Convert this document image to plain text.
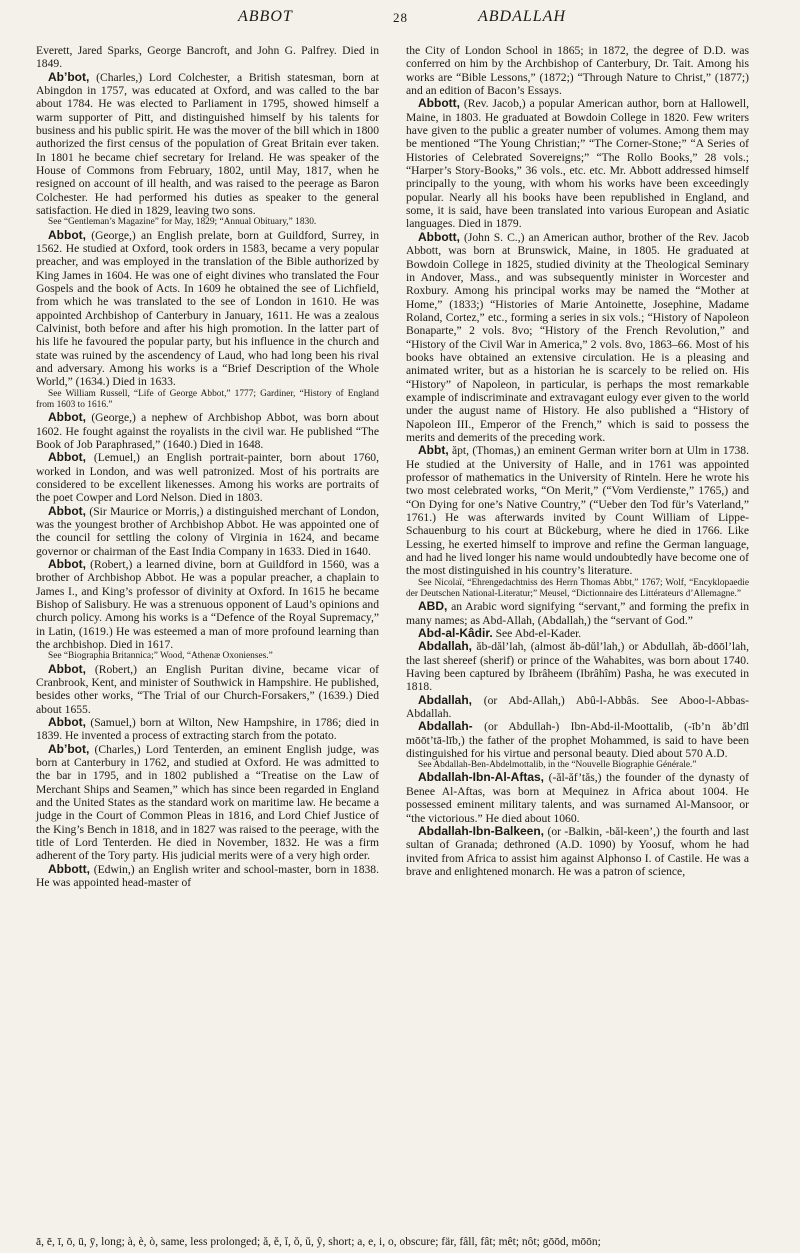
ABBOT	28	ABDALLAH

Everett, Jared Sparks, George Bancroft, and John G. Palfrey. Died in 1849.

Ab’bot, (Charles,) Lord Colchester, a British statesman, born at Abingdon in 1757, was educated at Oxford, and was called to the bar about 1784. He was elected to Parliament in 1795, showed himself a warm supporter of Pitt, and distinguished himself by his talents for business and his public spirit. He was the mover of the bill which in 1800 authorized the first census of the population of Great Britain ever taken. In 1801 he became chief secretary for Ireland. He was speaker of the House of Commons from February, 1802, until May, 1817, when he resigned on account of ill health, and was raised to the peerage as Baron Colchester. He had performed his duties as speaker to the general satisfaction. He died in 1829, leaving two sons.

See “Gentleman’s Magazine” for May, 1829; “Annual Obituary,” 1830.

Abbot, (George,) an English prelate, born at Guildford, Surrey, in 1562. He studied at Oxford, took orders in 1583, became a very popular preacher, and was employed in the translation of the Bible authorized by King James in 1604. He was one of eight divines who translated the Four Gospels and the book of Acts. In 1609 he obtained the see of Lichfield, from which he was translated to the see of London in 1610. He was appointed Archbishop of Canterbury in January, 1611. He was a zealous Calvinist, both before and after his high promotion. In the latter part of his life he favoured the popular party, but his influence in the church and state was ruined by the ascendency of Laud, who had long been his rival and adversary. Among his works is a “Brief Description of the Whole World,” (1634.) Died in 1633.

See William Russell, “Life of George Abbot,” 1777; Gardiner, “History of England from 1603 to 1616.”

Abbot, (George,) a nephew of Archbishop Abbot, was born about 1602. He fought against the royalists in the civil war. He published “The Book of Job Paraphrased,” (1640.) Died in 1648.

Abbot, (Lemuel,) an English portrait-painter, born about 1760, worked in London, and was well patronized. Most of his portraits are considered to be excellent likenesses. Among his works are portraits of the poet Cowper and Lord Nelson. Died in 1803.

Abbot, (Sir Maurice or Morris,) a distinguished merchant of London, was the youngest brother of Archbishop Abbot. He was appointed one of the council for settling the colony of Virginia in 1624, and became governor or chairman of the East India Company in 1633. Died in 1640.

Abbot, (Robert,) a learned divine, born at Guildford in 1560, was a brother of Archbishop Abbot. He was a popular preacher, a chaplain to James I., and King’s professor of divinity at Oxford. In 1615 he became Bishop of Salisbury. He was a strenuous opponent of Laud’s opinions and church policy. Among his works is a “Defence of the Royal Supremacy,” in Latin, (1619.) He was esteemed a man of more profound learning than the archbishop. Died in 1617.

See “Biographia Britannica;” Wood, “Athenæ Oxonienses.”

Abbot, (Robert,) an English Puritan divine, became vicar of Cranbrook, Kent, and minister of Southwick in Hampshire. He published, besides other works, “The Trial of our Church-Forsakers,” (1639.) Died about 1655.

Abbot, (Samuel,) born at Wilton, New Hampshire, in 1786; died in 1839. He invented a process of extracting starch from the potato.

Ab’bot, (Charles,) Lord Tenterden, an eminent English judge, was born at Canterbury in 1762, and studied at Oxford. He was admitted to the bar in 1795, and in 1802 published a “Treatise on the Law of Merchant Ships and Seamen,” which has since been regarded in England and the United States as the standard work on maritime law. He became a judge in the Court of Common Pleas in 1816, and Lord Chief Justice of the King’s Bench in 1818, and in 1827 was raised to the peerage, with the title of Lord Tenterden. He died in November, 1832. He was a firm adherent of the Tory party. His judicial merits were of a very high order.

Abbott, (Edwin,) an English writer and school-master, born in 1838. He was appointed head-master of

the City of London School in 1865; in 1872, the degree of D.D. was conferred on him by the Archbishop of Canterbury, Dr. Tait. Among his works are “Bible Lessons,” (1872;) “Through Nature to Christ,” (1877;) and an edition of Bacon’s Essays.

Abbott, (Rev. Jacob,) a popular American author, born at Hallowell, Maine, in 1803. He graduated at Bowdoin College in 1820. Few writers have given to the public a greater number of volumes. Among them may be mentioned “The Young Christian;” “The Corner-Stone;” “A Series of Histories of Celebrated Sovereigns;” “The Rollo Books,” 28 vols.; “Harper’s Story-Books,” 36 vols., etc. etc. Mr. Abbott addressed himself principally to the young, with whom his works have been exceedingly popular. Nearly all his books have been republished in England, and some, it is said, have been translated into various European and Asiatic languages. Died in 1879.

Abbott, (John S. C.,) an American author, brother of the Rev. Jacob Abbott, was born at Brunswick, Maine, in 1805. He graduated at Bowdoin College in 1825, studied divinity at the Theological Seminary in Andover, Mass., and was subsequently minister in Worcester and Roxbury. Among his principal works may be named the “Mother at Home,” (1833;) “Histories of Marie Antoinette, Josephine, Madame Roland, Cortez,” etc., forming a series in six vols.; “History of Napoleon Bonaparte,” 2 vols. 8vo; “History of the French Revolution,” and “History of the Civil War in America,” 2 vols. 8vo, 1863–66. Most of his books have obtained an extensive circulation. He is a pleasing and animated writer, but as a historian he is scarcely to be relied on. His “History” of Napoleon, in particular, is perhaps the most remarkable example of indiscriminate and extravagant eulogy ever given to the world under the august name of History. He also published a “History of Napoleon III., Emperor of the French,” which is said to possess the merits and demerits of the preceding work.

Abbt, ăpt, (Thomas,) an eminent German writer born at Ulm in 1738. He studied at the University of Halle, and in 1761 was appointed professor of mathematics in the University of Rinteln. Here he wrote his two most celebrated works, “On Merit,” (“Vom Verdienste,” 1765,) and “On Dying for one’s Native Country,” (“Ueber den Tod für’s Vaterland,” 1761.) He was afterwards invited by Count William of Lippe-Schauenburg to his court at Bückeburg, where he died in 1766. Like Lessing, he exerted himself to improve and refine the German language, and had he lived longer his name would undoubtedly have become one of the most distinguished in his country’s literature.

See Nicolaï, “Ehrengedachtniss des Herrn Thomas Abbt,” 1767; Wolf, “Encyklopaedie der Deutschen National-Literatur;” Meusel, “Dictionnaire des Littérateurs d’Allemagne.”

ABD, an Arabic word signifying “servant,” and forming the prefix in many names; as Abd-Allah, (Abdallah,) the “servant of God.”

Abd-al-Kâdir. See Abd-el-Kader.

Abdallah, ăb-dăl’lah, (almost ăb-dŭl’lah,) or Abdullah, ăb-dōōl’lah, the last shereef (sherif) or prince of the Wahabites, was born about 1740. Having been captured by Ibrâheem (Ibrâhîm) Pasha, he was executed in 1818.

Abdallah, (or Abd-Allah,) Abû-l-Abbâs. See Aboo-l-Abbas-Abdallah.

Abdallah- (or Abdullah-) Ibn-Abd-il-Moottalib, (-īb’n ăb’dīl mōōt’tā-līb,) the father of the prophet Mohammed, is said to have been distinguished for his virtue and personal beauty. Died about 570 A.D.

See Abdallah-Ben-Abdelmottalib, in the “Nouvelle Biographie Générale.”

Abdallah-Ibn-Al-Aftas, (-ăl-ăf’tăs,) the founder of the dynasty of Benee Al-Aftas, was born at Mequinez in Africa about 1004. He possessed eminent military talents, and was surnamed Al-Mansoor, or “the victorious.” He died about 1060.

Abdallah-Ibn-Balkeen, (or -Balkin, -băl-keen’,) the fourth and last sultan of Granada; dethroned (A.D. 1090) by Yoosuf, whom he had invited from Africa to assist him against Alphonso I. of Castile. He was a brave and enlightened monarch. He was a patron of science,

ā, ē, ī, ō, ū, ȳ, long; à, è, ò, same, less prolonged; ă, ĕ, ĭ, ŏ, ŭ, ŷ, short; a, e, i, o, obscure; fär, fâll, fât; mêt; nôt; gōōd, mōōn;
